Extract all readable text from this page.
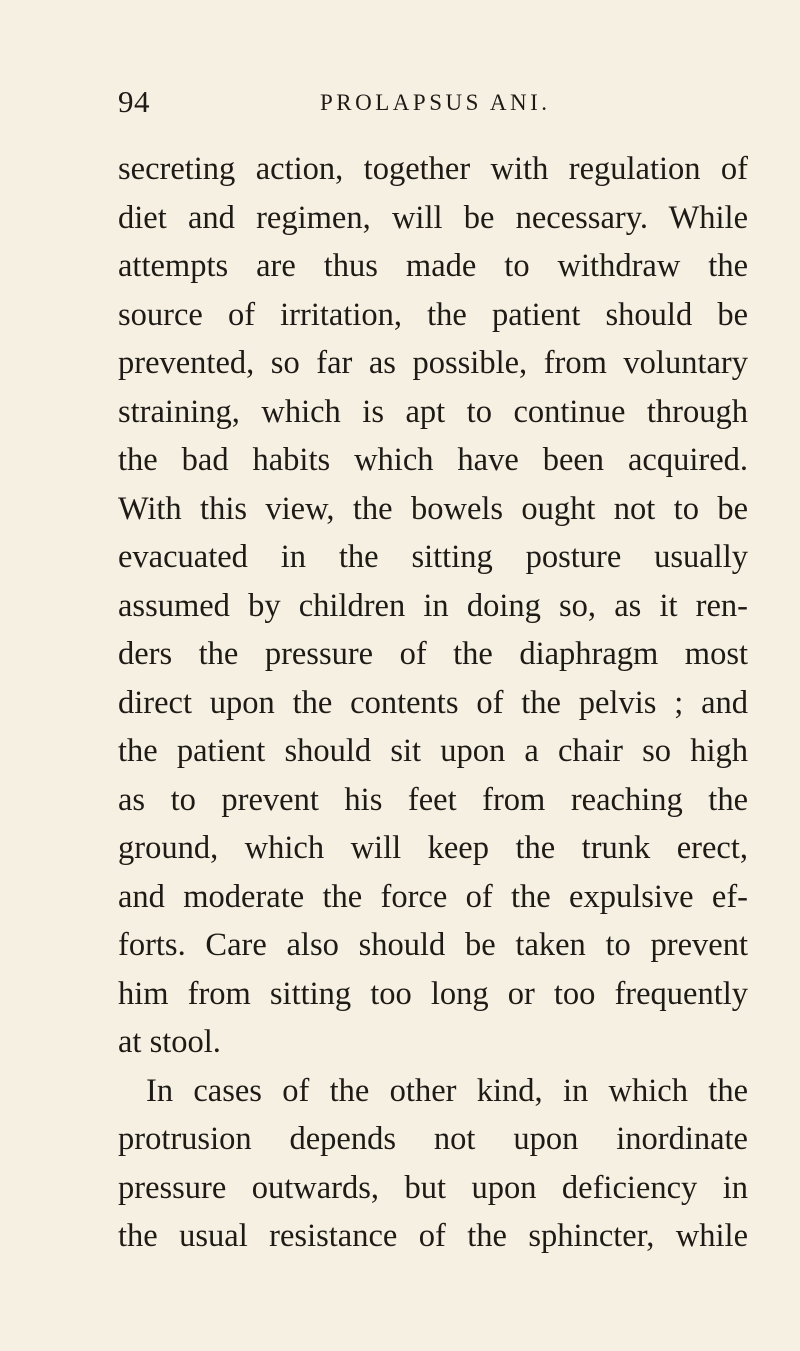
94	PROLAPSUS ANI.
secreting action, together with regulation of
diet and regimen, will be necessary. While
attempts are thus made to withdraw the
source of irritation, the patient should be
prevented, so far as possible, from voluntary
straining, which is apt to continue through
the bad habits which have been acquired.
With this view, the bowels ought not to be
evacuated in the sitting posture usually
assumed by children in doing so, as it ren-
ders the pressure of the diaphragm most
direct upon the contents of the pelvis ; and
the patient should sit upon a chair so high
as to prevent his feet from reaching the
ground, which will keep the trunk erect,
and moderate the force of the expulsive ef-
forts. Care also should be taken to prevent
him from sitting too long or too frequently
at stool.
In cases of the other kind, in which the
protrusion depends not upon inordinate
pressure outwards, but upon deficiency in
the usual resistance of the sphincter, while
